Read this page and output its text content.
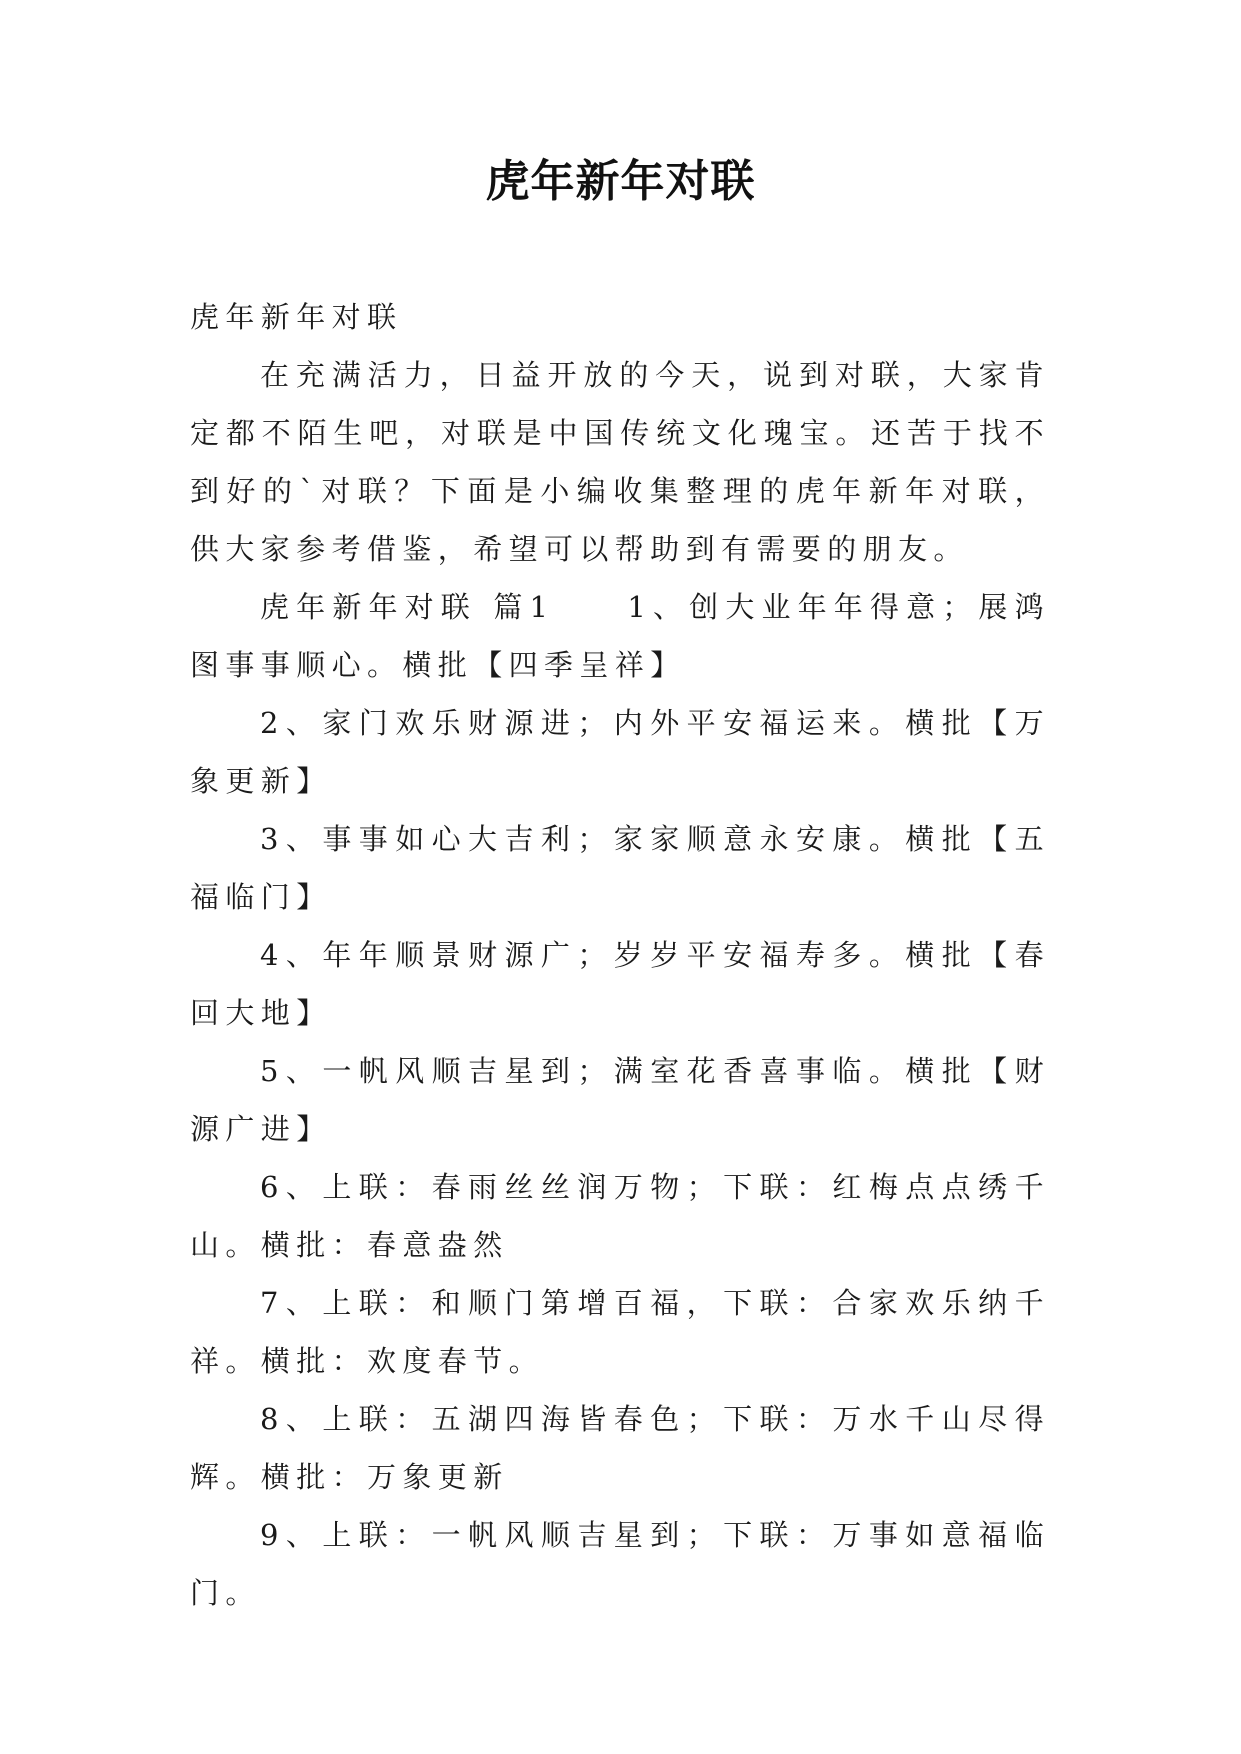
虎年新年对联

虎年新年对联

在充满活力，日益开放的今天，说到对联，大家肯定都不陌生吧，对联是中国传统文化瑰宝。还苦于找不到好的`对联？下面是小编收集整理的虎年新年对联，供大家参考借鉴，希望可以帮助到有需要的朋友。

虎年新年对联 篇1　　1、创大业年年得意；展鸿图事事顺心。横批【四季呈祥】

2、家门欢乐财源进；内外平安福运来。横批【万象更新】

3、事事如心大吉利；家家顺意永安康。横批【五福临门】

4、年年顺景财源广；岁岁平安福寿多。横批【春回大地】

5、一帆风顺吉星到；满室花香喜事临。横批【财源广进】

6、上联：春雨丝丝润万物；下联：红梅点点绣千山。横批：春意盎然

7、上联：和顺门第增百福，下联：合家欢乐纳千祥。横批：欢度春节。

8、上联：五湖四海皆春色；下联：万水千山尽得辉。横批：万象更新

9、上联：一帆风顺吉星到；下联：万事如意福临门。
